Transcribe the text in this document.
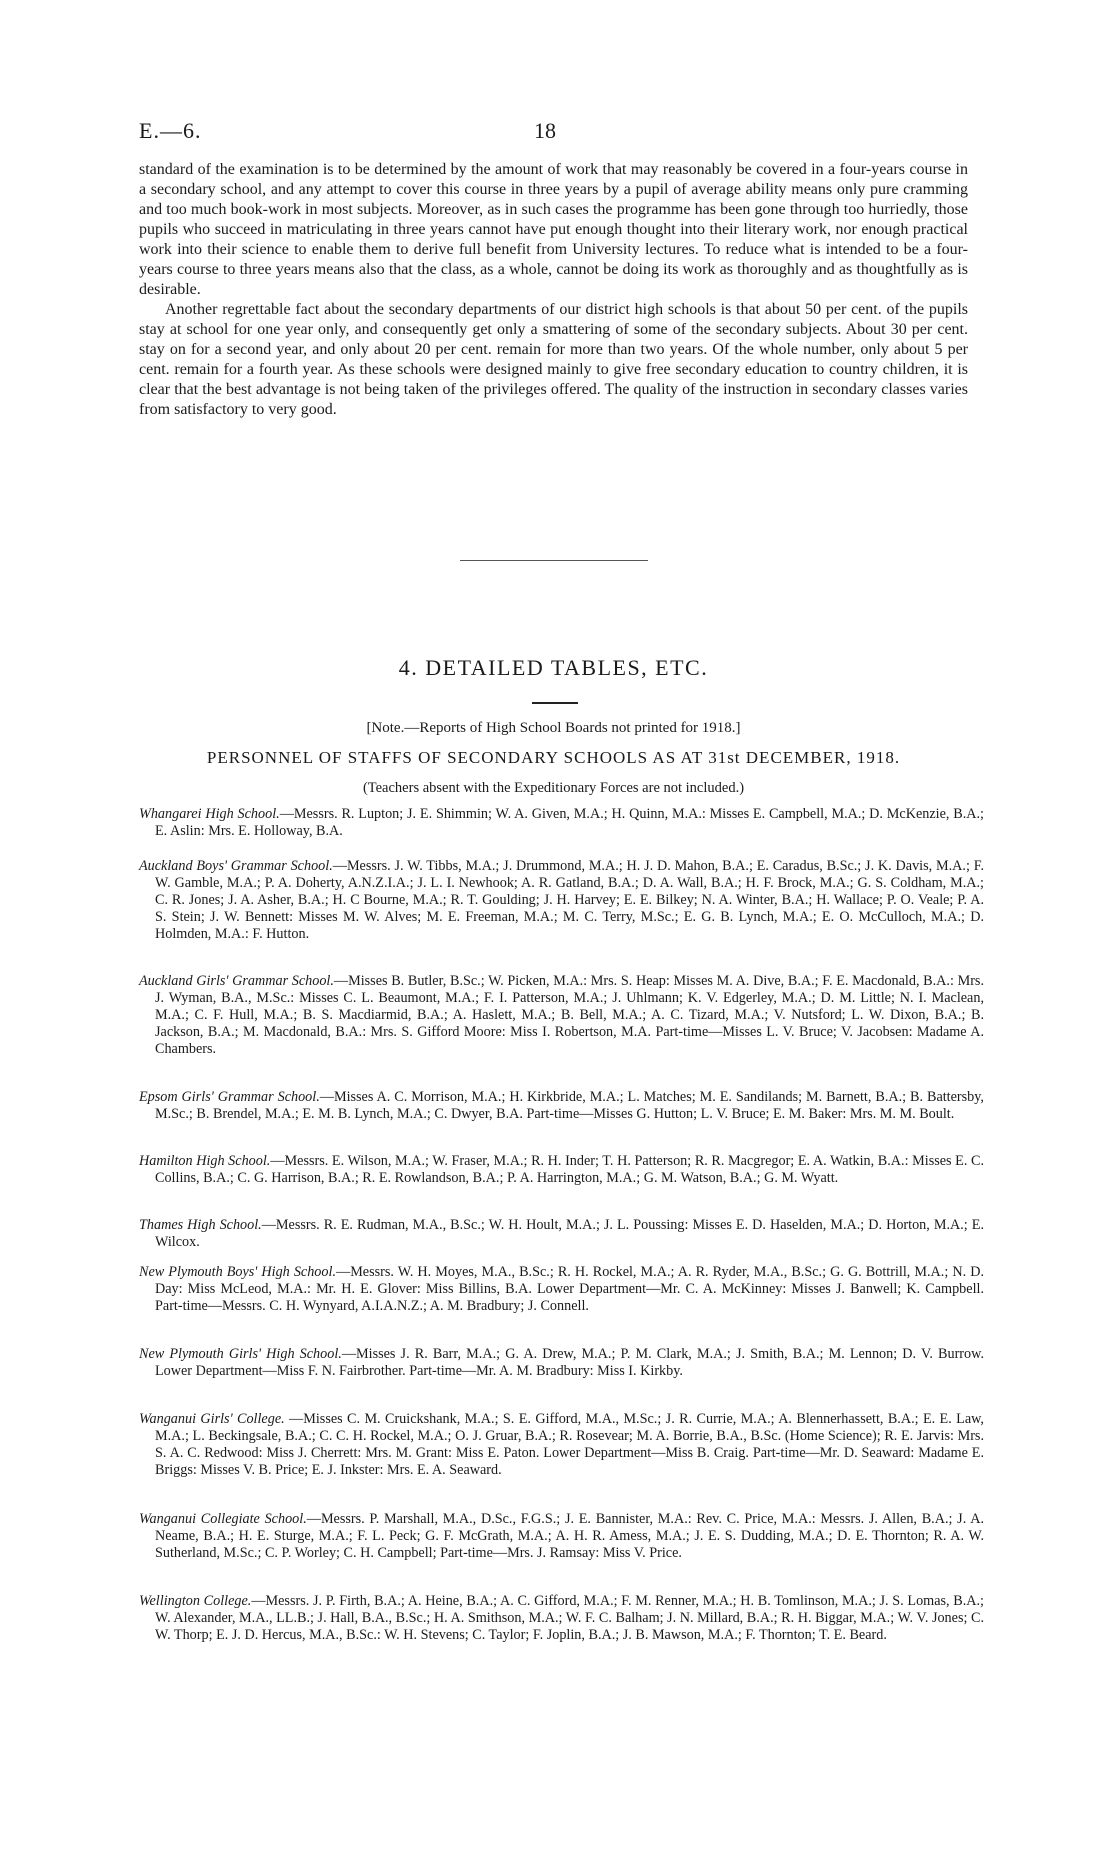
E.—6.	18

standard of the examination is to be determined by the amount of work that may reasonably be covered in a four-years course in a secondary school, and any attempt to cover this course in three years by a pupil of average ability means only pure cramming and too much book-work in most subjects. Moreover, as in such cases the programme has been gone through too hurriedly, those pupils who succeed in matriculating in three years cannot have put enough thought into their literary work, nor enough practical work into their science to enable them to derive full benefit from University lectures. To reduce what is intended to be a four-years course to three years means also that the class, as a whole, cannot be doing its work as thoroughly and as thoughtfully as is desirable.

Another regrettable fact about the secondary departments of our district high schools is that about 50 per cent. of the pupils stay at school for one year only, and consequently get only a smattering of some of the secondary subjects. About 30 per cent. stay on for a second year, and only about 20 per cent. remain for more than two years. Of the whole number, only about 5 per cent. remain for a fourth year. As these schools were designed mainly to give free secondary education to country children, it is clear that the best advantage is not being taken of the privileges offered. The quality of the instruction in secondary classes varies from satisfactory to very good.

4. DETAILED TABLES, ETC.
[Note.—Reports of High School Boards not printed for 1918.]
PERSONNEL OF STAFFS OF SECONDARY SCHOOLS AS AT 31st DECEMBER, 1918.
(Teachers absent with the Expeditionary Forces are not included.)
Whangarei High School.—Messrs. R. Lupton; J. E. Shimmin; W. A. Given, M.A.; H. Quinn, M.A.: Misses E. Campbell, M.A.; D. McKenzie, B.A.; E. Aslin: Mrs. E. Holloway, B.A.
Auckland Boys' Grammar School.—Messrs. J. W. Tibbs, M.A.; J. Drummond, M.A.; H. J. D. Mahon, B.A.; E. Caradus, B.Sc.; J. K. Davis, M.A.; F. W. Gamble, M.A.; P. A. Doherty, A.N.Z.I.A.; J. L. I. Newhook; A. R. Gatland, B.A.; D. A. Wall, B.A.; H. F. Brock, M.A.; G. S. Coldham, M.A.; C. R. Jones; J. A. Asher, B.A.; H. C Bourne, M.A.; R. T. Goulding; J. H. Harvey; E. E. Bilkey; N. A. Winter, B.A.; H. Wallace; P. O. Veale; P. A. S. Stein; J. W. Bennett: Misses M. W. Alves; M. E. Freeman, M.A.; M. C. Terry, M.Sc.; E. G. B. Lynch, M.A.; E. O. McCulloch, M.A.; D. Holmden, M.A.: F. Hutton.
Auckland Girls' Grammar School.—Misses B. Butler, B.Sc.; W. Picken, M.A.: Mrs. S. Heap: Misses M. A. Dive, B.A.; F. E. Macdonald, B.A.: Mrs. J. Wyman, B.A., M.Sc.: Misses C. L. Beaumont, M.A.; F. I. Patterson, M.A.; J. Uhlmann; K. V. Edgerley, M.A.; D. M. Little; N. I. Maclean, M.A.; C. F. Hull, M.A.; B. S. Macdiarmid, B.A.; A. Haslett, M.A.; B. Bell, M.A.; A. C. Tizard, M.A.; V. Nutsford; L. W. Dixon, B.A.; B. Jackson, B.A.; M. Macdonald, B.A.: Mrs. S. Gifford Moore: Miss I. Robertson, M.A. Part-time—Misses L. V. Bruce; V. Jacobsen: Madame A. Chambers.
Epsom Girls' Grammar School.—Misses A. C. Morrison, M.A.; H. Kirkbride, M.A.; L. Matches; M. E. Sandilands; M. Barnett, B.A.; B. Battersby, M.Sc.; B. Brendel, M.A.; E. M. B. Lynch, M.A.; C. Dwyer, B.A. Part-time—Misses G. Hutton; L. V. Bruce; E. M. Baker: Mrs. M. M. Boult.
Hamilton High School.—Messrs. E. Wilson, M.A.; W. Fraser, M.A.; R. H. Inder; T. H. Patterson; R. R. Macgregor; E. A. Watkin, B.A.: Misses E. C. Collins, B.A.; C. G. Harrison, B.A.; R. E. Rowlandson, B.A.; P. A. Harrington, M.A.; G. M. Watson, B.A.; G. M. Wyatt.
Thames High School.—Messrs. R. E. Rudman, M.A., B.Sc.; W. H. Hoult, M.A.; J. L. Poussing: Misses E. D. Haselden, M.A.; D. Horton, M.A.; E. Wilcox.
New Plymouth Boys' High School.—Messrs. W. H. Moyes, M.A., B.Sc.; R. H. Rockel, M.A.; A. R. Ryder, M.A., B.Sc.; G. G. Bottrill, M.A.; N. D. Day: Miss McLeod, M.A.: Mr. H. E. Glover: Miss Billins, B.A. Lower Department—Mr. C. A. McKinney: Misses J. Banwell; K. Campbell. Part-time—Messrs. C. H. Wynyard, A.I.A.N.Z.; A. M. Bradbury; J. Connell.
New Plymouth Girls' High School.—Misses J. R. Barr, M.A.; G. A. Drew, M.A.; P. M. Clark, M.A.; J. Smith, B.A.; M. Lennon; D. V. Burrow. Lower Department—Miss F. N. Fairbrother. Part-time—Mr. A. M. Bradbury: Miss I. Kirkby.
Wanganui Girls' College. —Misses C. M. Cruickshank, M.A.; S. E. Gifford, M.A., M.Sc.; J. R. Currie, M.A.; A. Blennerhassett, B.A.; E. E. Law, M.A.; L. Beckingsale, B.A.; C. C. H. Rockel, M.A.; O. J. Gruar, B.A.; R. Rosevear; M. A. Borrie, B.A., B.Sc. (Home Science); R. E. Jarvis: Mrs. S. A. C. Redwood: Miss J. Cherrett: Mrs. M. Grant: Miss E. Paton. Lower Department—Miss B. Craig. Part-time—Mr. D. Seaward: Madame E. Briggs: Misses V. B. Price; E. J. Inkster: Mrs. E. A. Seaward.
Wanganui Collegiate School.—Messrs. P. Marshall, M.A., D.Sc., F.G.S.; J. E. Bannister, M.A.: Rev. C. Price, M.A.: Messrs. J. Allen, B.A.; J. A. Neame, B.A.; H. E. Sturge, M.A.; F. L. Peck; G. F. McGrath, M.A.; A. H. R. Amess, M.A.; J. E. S. Dudding, M.A.; D. E. Thornton; R. A. W. Sutherland, M.Sc.; C. P. Worley; C. H. Campbell; Part-time—Mrs. J. Ramsay: Miss V. Price.
Wellington College.—Messrs. J. P. Firth, B.A.; A. Heine, B.A.; A. C. Gifford, M.A.; F. M. Renner, M.A.; H. B. Tomlinson, M.A.; J. S. Lomas, B.A.; W. Alexander, M.A., LL.B.; J. Hall, B.A., B.Sc.; H. A. Smithson, M.A.; W. F. C. Balham; J. N. Millard, B.A.; R. H. Biggar, M.A.; W. V. Jones; C. W. Thorp; E. J. D. Hercus, M.A., B.Sc.: W. H. Stevens; C. Taylor; F. Joplin, B.A.; J. B. Mawson, M.A.; F. Thornton; T. E. Beard.
